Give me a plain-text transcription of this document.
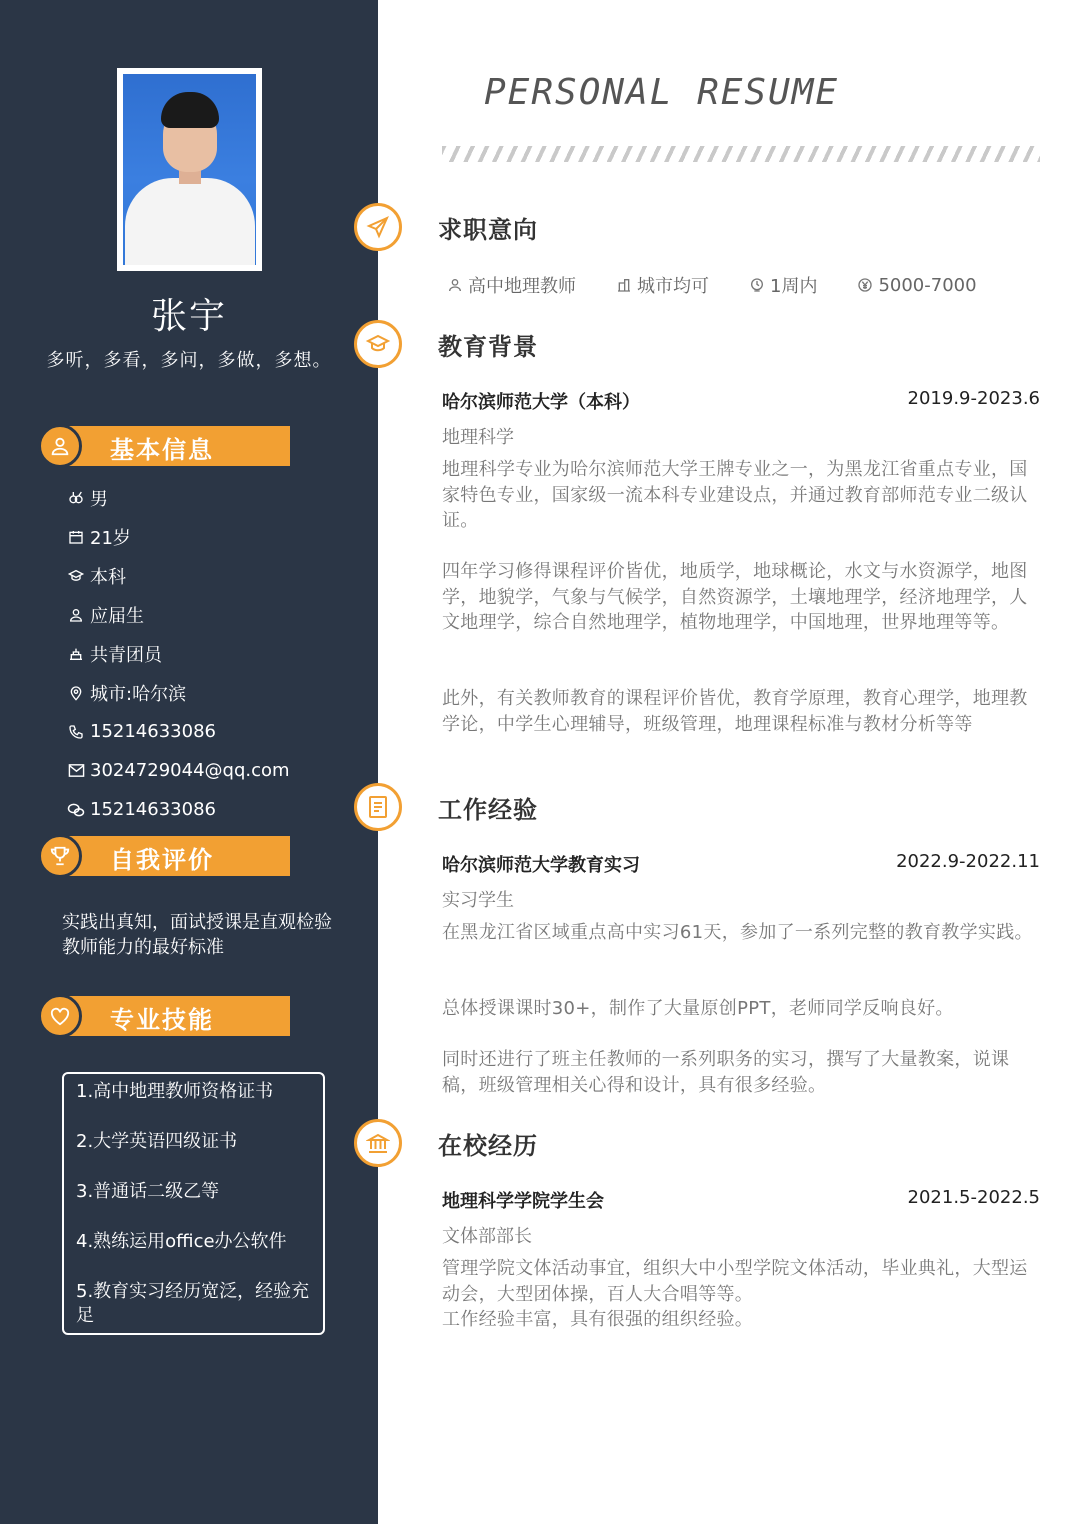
张宇
多听，多看，多问，多做，多想。
基本信息
男
21岁
本科
应届生
共青团员
城市:哈尔滨
15214633086
3024729044@qq.com
15214633086
自我评价
实践出真知，面试授课是直观检验教师能力的最好标准
专业技能
1.高中地理教师资格证书
2.大学英语四级证书
3.普通话二级乙等
4.熟练运用office办公软件
5.教育实习经历宽泛，经验充足
PERSONAL RESUME
求职意向
高中地理教师	城市均可	1周内	5000-7000
教育背景
哈尔滨师范大学（本科）	2019.9-2023.6
地理科学
地理科学专业为哈尔滨师范大学王牌专业之一，为黑龙江省重点专业，国家特色专业，国家级一流本科专业建设点，并通过教育部师范专业二级认证。
四年学习修得课程评价皆优，地质学，地球概论，水文与水资源学，地图学，地貌学，气象与气候学，自然资源学，土壤地理学，经济地理学，人文地理学，综合自然地理学，植物地理学，中国地理，世界地理等等。
此外，有关教师教育的课程评价皆优，教育学原理，教育心理学，地理教学论，中学生心理辅导，班级管理，地理课程标准与教材分析等等
工作经验
哈尔滨师范大学教育实习	2022.9-2022.11
实习学生
在黑龙江省区域重点高中实习61天，参加了一系列完整的教育教学实践。
总体授课课时30+，制作了大量原创PPT，老师同学反响良好。
同时还进行了班主任教师的一系列职务的实习，撰写了大量教案，说课稿，班级管理相关心得和设计，具有很多经验。
在校经历
地理科学学院学生会	2021.5-2022.5
文体部部长
管理学院文体活动事宜，组织大中小型学院文体活动，毕业典礼，大型运动会，大型团体操，百人大合唱等等。
工作经验丰富，具有很强的组织经验。
